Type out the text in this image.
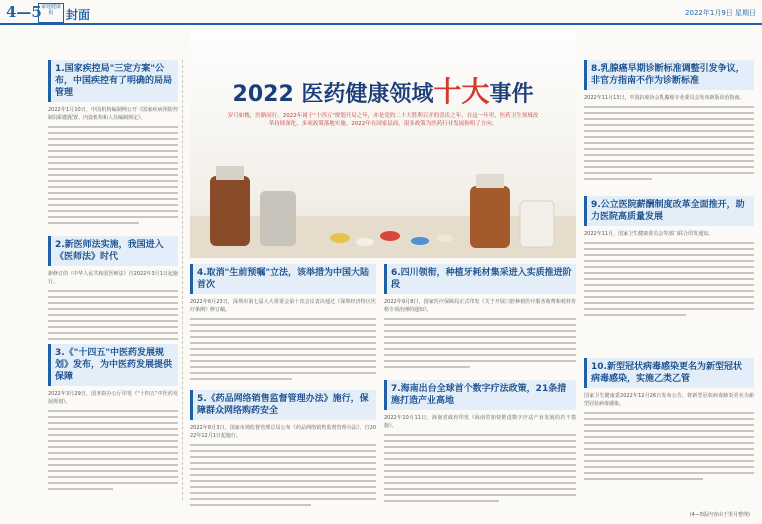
4—5 家庭健康报	封面	2022年1月9日 星期日
1.国家疾控局"三定方案"公布，中国疾控有了明确的局局管理
2022年1月10日，中国机构编制网公开《国家疾病预防控制局职能配置、内设机构和人员编制规定》。
2.新医师法实施，我国进入《医师法》时代
新修订的《中华人民共和国医师法》自2022年3月1日起施行。
3.《"十四五"中医药发展规划》发布，为中医药发展提供保障
2022年3月29日，国务院办公厅印发《"十四五"中医药发展规划》。
2022 医药健康领域十大事件
岁月如梭，医路同行。2022年属于"十四五"规划开局之年，亦是党的二十大胜利召开的喜庆之年。在这一年里，医药卫生领域改革持续深化，多项政策落地实施。2022年在国家层面，很多政策为医药行业发展指明了方向。
4.取消"生前预嘱"立法，该举措为中国大陆首次
2022年6月23日，深圳市第七届人大常委会第十次会议表决通过《深圳经济特区医疗条例》修订稿。
5.《药品网络销售监督管理办法》施行，保障群众网络购药安全
2022年8月3日，国家市场监督管理总局公布《药品网络销售监督管理办法》，自2022年12月1日起施行。
6.四川领衔，种植牙耗材集采进入实质推进阶段
2022年9月8日，国家医疗保障局正式印发《关于开展口腔种植医疗服务收费和耗材价格专项治理的通知》。
7.海南出台全球首个数字疗法政策，21条措施打造产业高地
2022年10月11日，海南省政府印发《海南省加快推进数字疗法产业发展的若干措施》。
8.乳腺癌早期诊断标准调整引发争议，非官方指南不作为诊断标准
2022年11月13日，中国抗癌协会乳腺癌专业委员会发布新版诊治指南。
9.公立医院薪酬制度改革全面推开，助力医院高质量发展
2022年11月，国家卫生健康委员会等部门联合印发通知。
10.新型冠状病毒感染更名为新型冠状病毒感染，实施乙类乙管
国家卫生健康委2022年12月26日发布公告，将新型冠状病毒肺炎更名为新型冠状病毒感染。
(4—5版内容由于里月整理)
